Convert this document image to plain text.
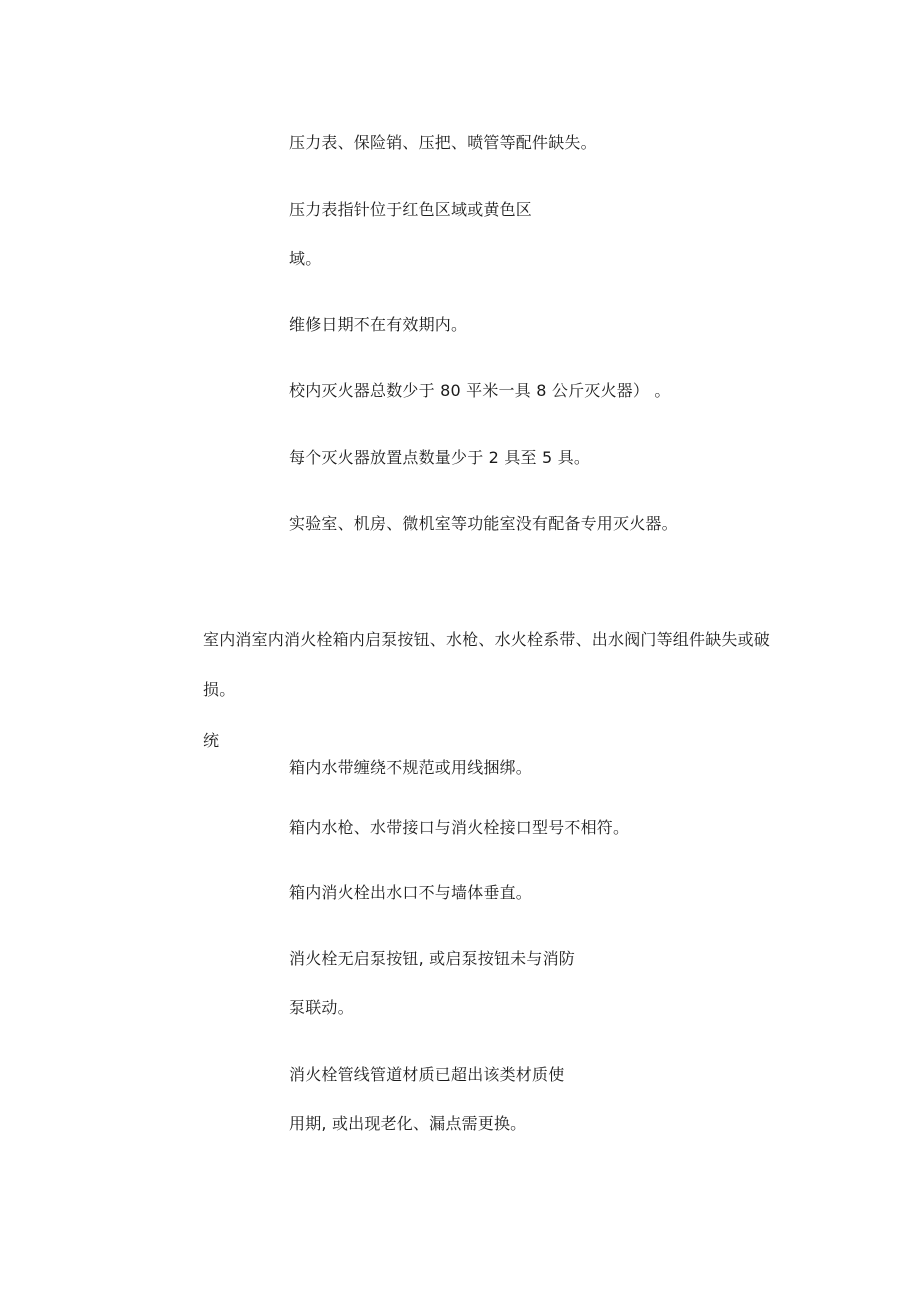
压力表、保险销、压把、喷管等配件缺失。
压力表指针位于红色区域或黄色区
域。
维修日期不在有效期内。
校内灭火器总数少于 80 平米一具 8 公斤灭火器） 。
每个灭火器放置点数量少于 2 具至 5 具。
实验室、机房、微机室等功能室没有配备专用灭火器。
室内消室内消火栓箱内启泵按钮、水枪、水火栓系带、出水阀门等组件缺失或破
损。
统
箱内水带缠绕不规范或用线捆绑。
箱内水枪、水带接口与消火栓接口型号不相符。
箱内消火栓出水口不与墙体垂直。
消火栓无启泵按钮, 或启泵按钮未与消防
泵联动。
消火栓管线管道材质已超出该类材质使
用期, 或出现老化、漏点需更换。
